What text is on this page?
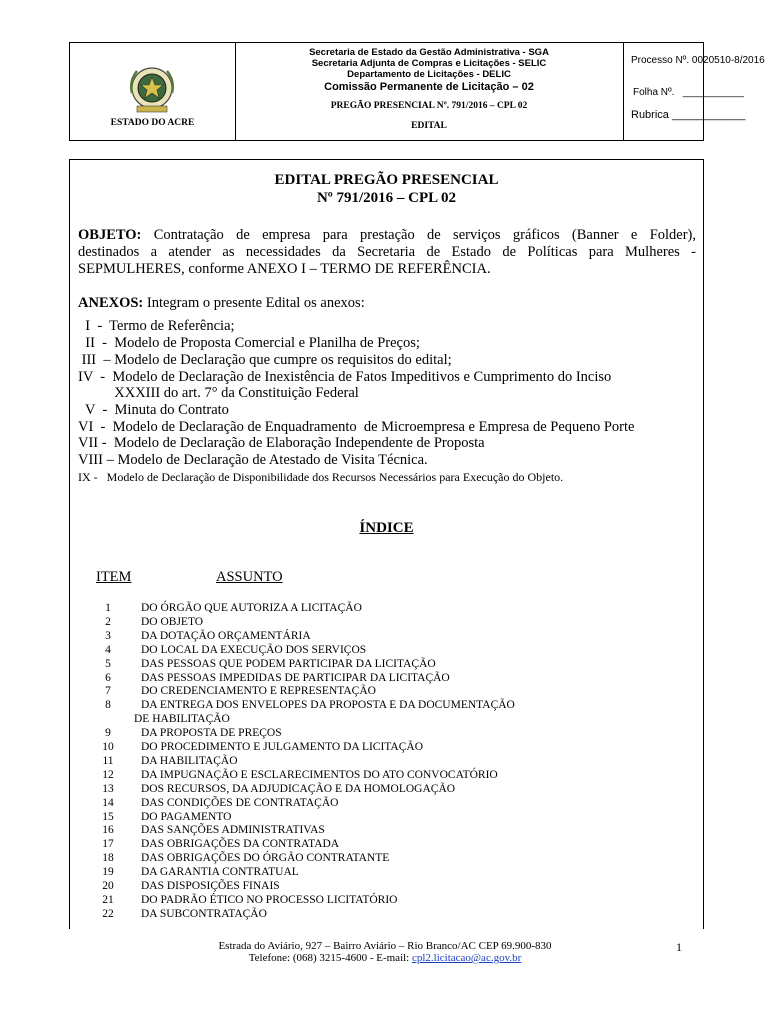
ESTADO DO ACRE
Secretaria de Estado da Gestão Administrativa - SGA
Secretaria Adjunta de Compras e Licitações - SELIC
Departamento de Licitações - DELIC
Comissão Permanente de Licitação – 02
PREGÃO PRESENCIAL Nº. 791/2016 – CPL 02
EDITAL
Processo Nº. 0020510-8/2016
Folha Nº.   ___________
Rubrica ____________
EDITAL PREGÃO PRESENCIAL
Nº 791/2016 – CPL 02
OBJETO: Contratação de empresa para prestação de serviços gráficos (Banner e Folder),
destinados a atender as necessidades da Secretaria de Estado de Políticas para Mulheres -
SEPMULHERES, conforme ANEXO I – TERMO DE REFERÊNCIA.
ANEXOS: Integram o presente Edital os anexos:
I  -  Termo de Referência;
II  -  Modelo de Proposta Comercial e Planilha de Preços;
III  – Modelo de Declaração que cumpre os requisitos do edital;
IV  -  Modelo de Declaração de Inexistência de Fatos Impeditivos e Cumprimento do Inciso
XXXIII do art. 7° da Constituição Federal
V  -  Minuta do Contrato
VI  -  Modelo de Declaração de Enquadramento  de Microempresa e Empresa de Pequeno Porte
VII -  Modelo de Declaração de Elaboração Independente de Proposta
VIII – Modelo de Declaração de Atestado de Visita Técnica.
IX -   Modelo de Declaração de Disponibilidade dos Recursos Necessários para Execução do Objeto.
ÍNDICE
ITEM	ASSUNTO
1	DO ÓRGÃO QUE AUTORIZA A LICITAÇÃO
2	DO OBJETO
3	DA DOTAÇÃO ORÇAMENTÁRIA
4	DO LOCAL DA EXECUÇÃO DOS SERVIÇOS
5	DAS PESSOAS QUE PODEM PARTICIPAR DA LICITAÇÃO
6	DAS PESSOAS IMPEDIDAS DE PARTICIPAR DA LICITAÇÃO
7	DO CREDENCIAMENTO E REPRESENTAÇÃO
8	DA ENTREGA DOS ENVELOPES DA PROPOSTA E DA DOCUMENTAÇÃO
DE HABILITAÇÃO
9	DA PROPOSTA DE PREÇOS
10	DO PROCEDIMENTO E JULGAMENTO DA LICITAÇÃO
11	DA HABILITAÇÃO
12	DA IMPUGNAÇÃO E ESCLARECIMENTOS DO ATO CONVOCATÓRIO
13	DOS RECURSOS, DA ADJUDICAÇÃO E DA HOMOLOGAÇÃO
14	DAS CONDIÇÕES DE CONTRATAÇÃO
15	DO PAGAMENTO
16	DAS SANÇÕES ADMINISTRATIVAS
17	DAS OBRIGAÇÕES DA CONTRATADA
18	DAS OBRIGAÇÕES DO ÓRGÃO CONTRATANTE
19	DA GARANTIA CONTRATUAL
20	DAS DISPOSIÇÕES FINAIS
21	DO PADRÃO ÉTICO NO PROCESSO LICITATÓRIO
22	DA SUBCONTRATAÇÃO
Estrada do Aviário, 927 – Bairro Aviário – Rio Branco/AC CEP 69.900-830
Telefone: (068) 3215-4600 - E-mail: cpl2.licitacao@ac.gov.br
1
